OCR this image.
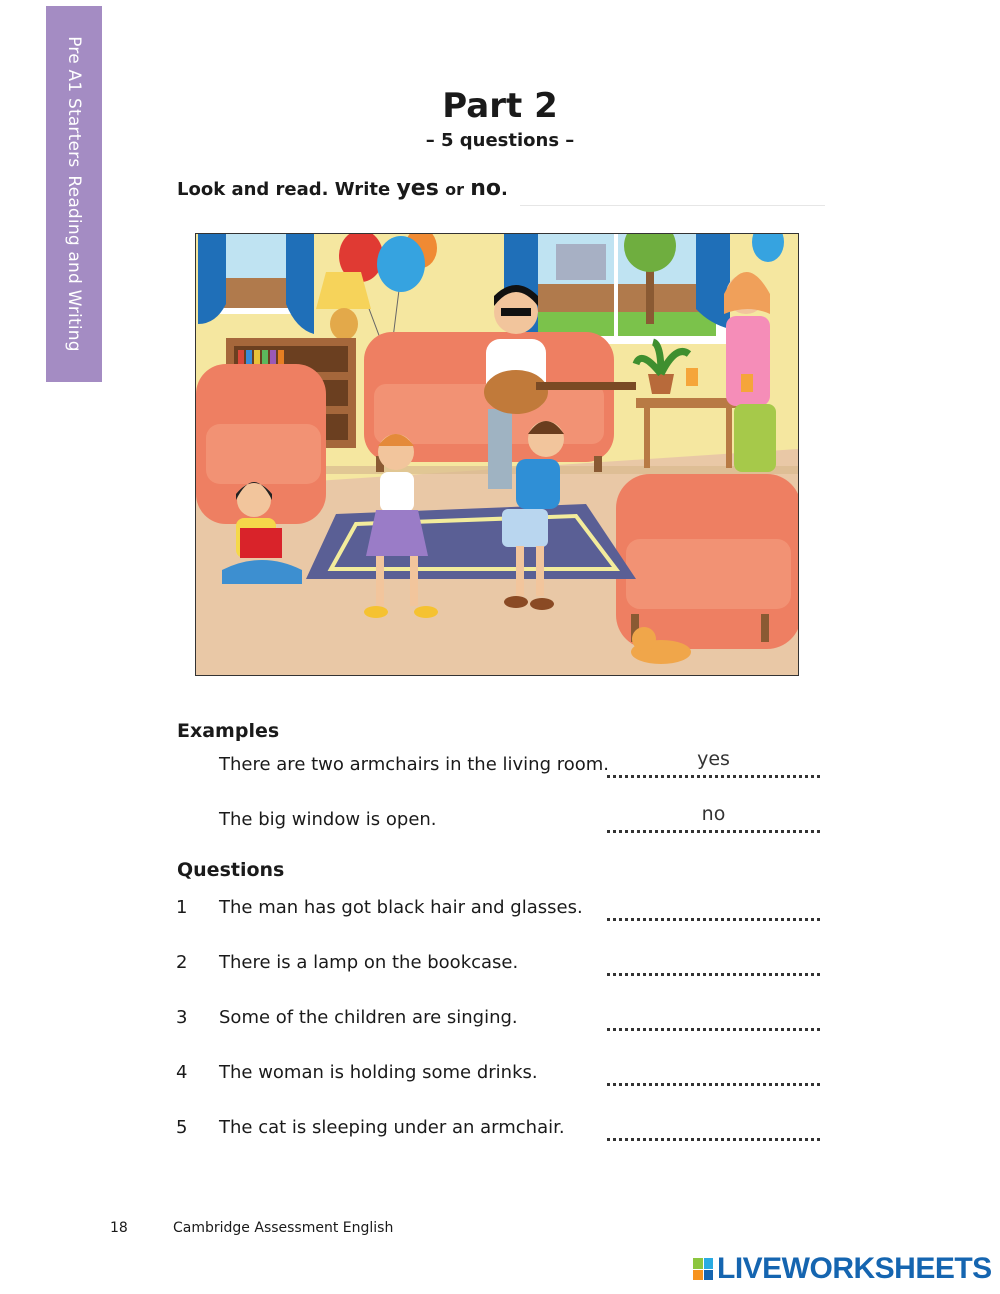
Pre A1 StartersReading and Writing
Part 2
– 5 questions –
Look and read. Write yes or no.
Examples
There are two armchairs in the living room.	yes
The big window is open.	no
Questions
1 The man has got black hair and glasses.
2 There is a lamp on the bookcase.
3 Some of the children are singing.
4 The woman is holding some drinks.
5 The cat is sleeping under an armchair.
18	Cambridge Assessment English
LIVEWORKSHEETS
